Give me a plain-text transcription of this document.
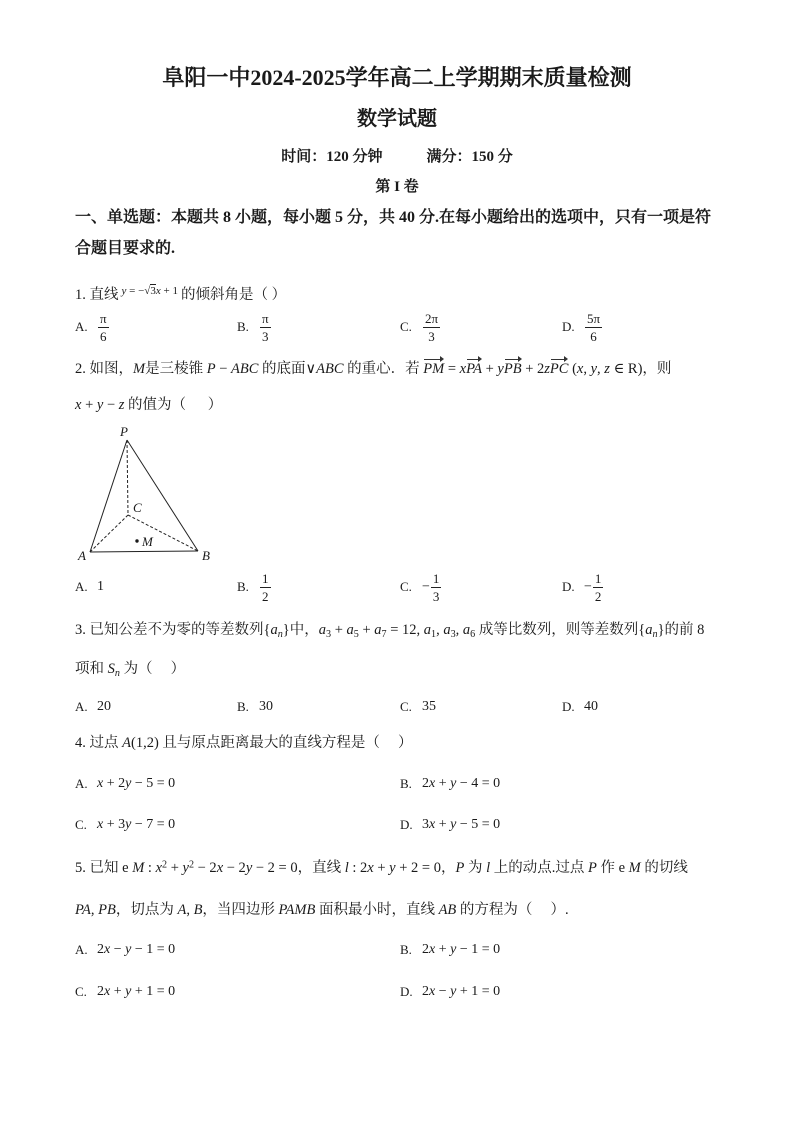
阜阳一中2024-2025学年高二上学期期末质量检测
数学试题
时间：120 分钟	满分：150 分
第 I 卷
一、单选题：本题共 8 小题，每小题 5 分，共 40 分.在每小题给出的选项中，只有一项是符
合题目要求的.
1. 直线 $^{y = -√3x + 1}$ 的倾斜角是（ ）
A. $\frac{\pi}{6}$	B. $\frac{\pi}{3}$	C. $\frac{2\pi}{3}$	D. $\frac{5\pi}{6}$
2. 如图，M是三棱锥 P − ABC 的底面∨ABC 的重心．若 PM = xPA + yPB + 2zPC (x, y, z ∈ R)，则
x + y − z 的值为（      ）
P
A	B
C
M
A. 1	B. $\frac{1}{2}$	C. − $\frac{1}{3}$	D. − $\frac{1}{2}$
3. 已知公差不为零的等差数列$\{a_n\}$中，$a_3 + a_5 + a_7 = 12$, $a_1$, $a_3$, $a_6$ 成等比数列，则等差数列$\{a_n\}$的前 8
项和 $S_n$ 为（     ）
A. 20	B. 30	C. 35	D. 40
4. 过点 A(1,2) 且与原点距离最大的直线方程是（     ）
A. x + 2y − 5 = 0	B. 2x + y − 4 = 0
C. x + 3y − 7 = 0	D. 3x + y − 5 = 0
5. 已知 e M : $x^2 + y^2 - 2x - 2y - 2 = 0$，直线 l : 2x + y + 2 = 0，P 为 l 上的动点.过点 P 作 e M 的切线
PA, PB，切点为 A, B，当四边形 PAMB 面积最小时，直线 AB 的方程为（     ）.
A. 2x − y − 1 = 0	B. 2x + y − 1 = 0
C. 2x + y + 1 = 0	D. 2x − y + 1 = 0
